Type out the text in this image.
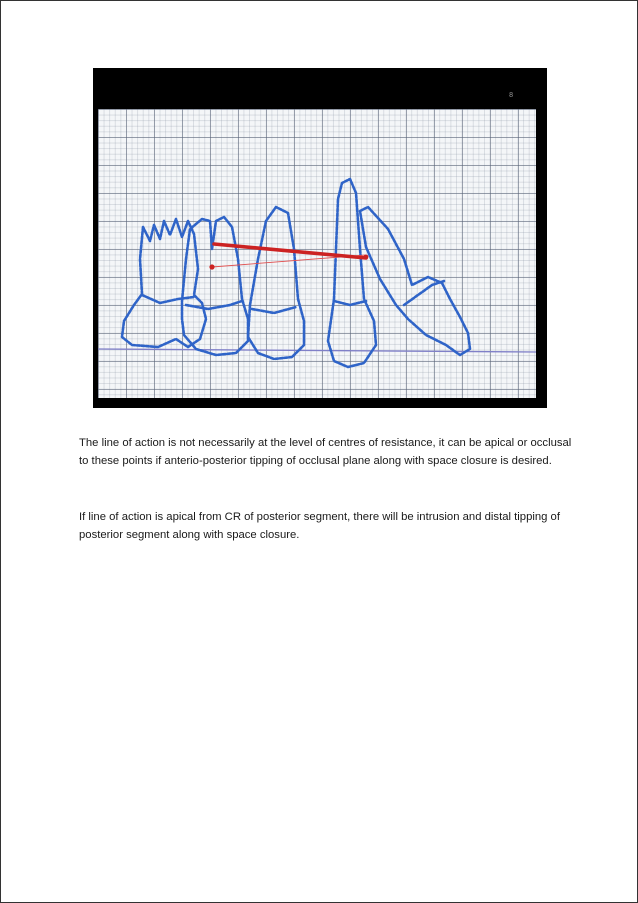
8

The line of action is not necessarily at the level of centres of resistance, it can be apical or occlusal to these points if anterio-posterior tipping of occlusal plane along with space closure is desired.

If line of action is apical from CR of posterior segment, there will be intrusion and distal tipping of posterior segment along with space closure.
